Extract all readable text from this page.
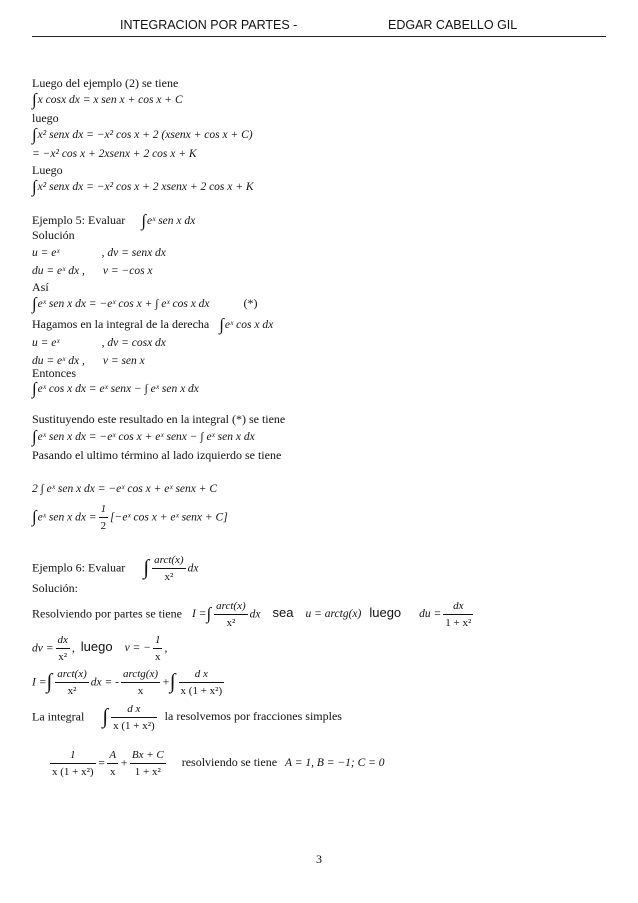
INTEGRACION POR PARTES -	EDGAR CABELLO GIL
Luego del ejemplo (2) se tiene
∫x cosx dx = x sen x + cos x + C
luego
∫x² senx dx = −x² cos x + 2 (xsenx + cos x + C)
= −x² cos x + 2xsenx + 2 cos x + K
Luego
∫x² senx dx = −x² cos x + 2 xsenx + 2 cos x + K
Ejemplo 5: Evaluar ∫eˣ sen x dx
Solución
u = eˣ	, dv = senx dx
du = eˣ dx , v = −cos x
Así
∫eˣ sen x dx = −eˣ cos x + ∫ eˣ cos x dx	(*)
Hagamos en la integral de la derecha ∫eˣ cos x dx
u = eˣ	, dv = cosx dx
du = eˣ dx , v = sen x
Entonces
∫eˣ cos x dx = eˣ senx − ∫ eˣ sen x dx
Sustituyendo este resultado en la integral (*) se tiene
∫eˣ sen x dx = −eˣ cos x + eˣ senx − ∫ eˣ sen x dx
Pasando el ultimo término al lado izquierdo se tiene
2 ∫ eˣ sen x dx = −eˣ cos x + eˣ senx + C
∫eˣ sen x dx = $\frac{1}{2}$ [−eˣ cos x + eˣ senx + C]
Ejemplo 6: Evaluar ∫ $\frac{\text{arct(x)}}{\text{x²}}$ dx
Solución:
Resolviendo por partes se tiene I =∫ $\frac{\text{arct(x)}}{\text{x²}}$ dx sea u = arctg(x) luego du = $\frac{dx}{\text{1 + x²}}$
dv = $\frac{dx}{\text{x²}}$ , luego v = − $\frac{1}{x}$ ,
I =∫ $\frac{\text{arct(x)}}{\text{x²}}$ dx = - $\frac{\text{arctg(x)}}{x}$ +∫ $\frac{\text{d x}}{\text{x (1 + x²)}}$
La integral ∫ $\frac{\text{d x}}{\text{x (1 + x²)}}$ la resolvemos por fracciones simples
$\frac{1}{\text{x (1 + x²)}} = \frac{A}{x} + \frac{Bx + C}{\text{1 + x²}}$ resolviendo se tiene A = 1, B = −1; C = 0
3
